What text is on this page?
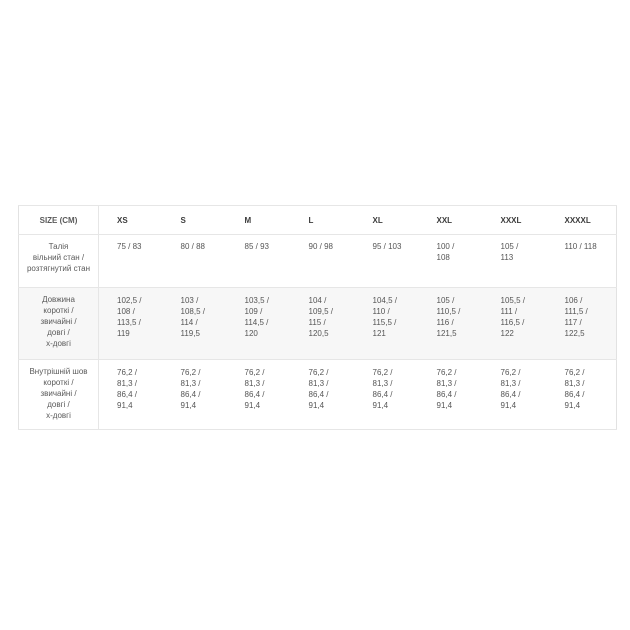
SIZE (CM)	XS	S	M	L	XL	XXL	XXXL	XXXXL

Талія
вільний стан /
розтягнутий стан	75 / 83	80 / 88	85 / 93	90 / 98	95 / 103	100 /
108	105 /
113	110 / 118

Довжина
короткі /
звичайні /
довгі /
х-довгі	102,5 /
108 /
113,5 /
119	103 /
108,5 /
114 /
119,5	103,5 /
109 /
114,5 /
120	104 /
109,5 /
115 /
120,5	104,5 /
110 /
115,5 /
121	105 /
110,5 /
116 /
121,5	105,5 /
111 /
116,5 /
122	106 /
111,5 /
117 /
122,5

Внутрішній шов
короткі /
звичайні /
довгі /
х-довгі	76,2 /
81,3 /
86,4 /
91,4	76,2 /
81,3 /
86,4 /
91,4	76,2 /
81,3 /
86,4 /
91,4	76,2 /
81,3 /
86,4 /
91,4	76,2 /
81,3 /
86,4 /
91,4	76,2 /
81,3 /
86,4 /
91,4	76,2 /
81,3 /
86,4 /
91,4	76,2 /
81,3 /
86,4 /
91,4
